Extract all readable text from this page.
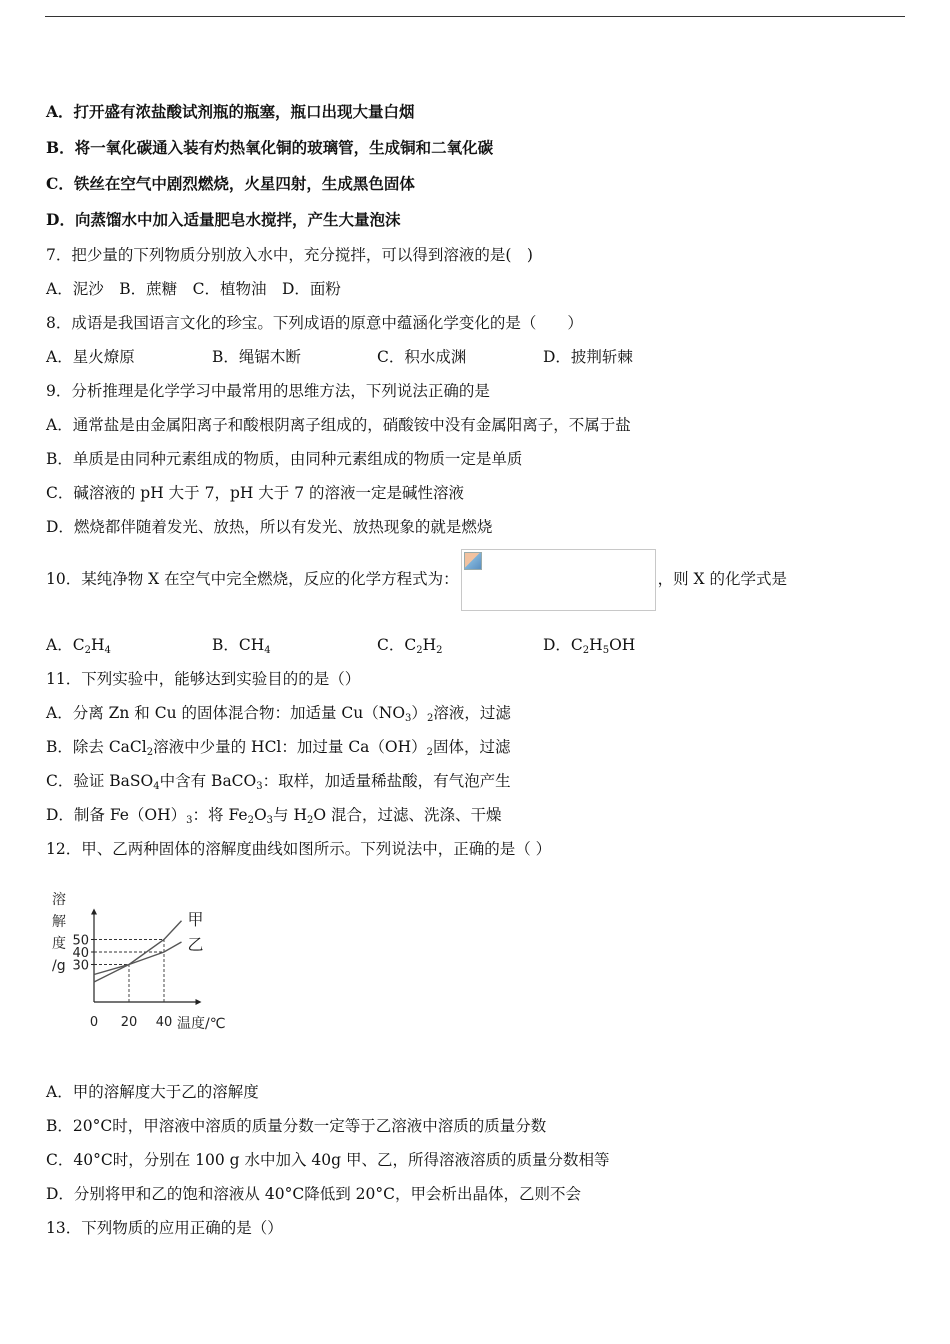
A．打开盛有浓盐酸试剂瓶的瓶塞，瓶口出现大量白烟
B．将一氧化碳通入装有灼热氧化铜的玻璃管，生成铜和二氧化碳
C．铁丝在空气中剧烈燃烧，火星四射，生成黑色固体
D．向蒸馏水中加入适量肥皂水搅拌，产生大量泡沫
7．把少量的下列物质分别放入水中，充分搅拌，可以得到溶液的是(　)
A．泥沙　B．蔗糖　C．植物油　D．面粉
8．成语是我国语言文化的珍宝。下列成语的原意中蕴涵化学变化的是（　　）
A．星火燎原	B．绳锯木断	C．积水成渊	D．披荆斩棘
9．分析推理是化学学习中最常用的思维方法，下列说法正确的是
A．通常盐是由金属阳离子和酸根阴离子组成的，硝酸铵中没有金属阳离子，不属于盐
B．单质是由同种元素组成的物质，由同种元素组成的物质一定是单质
C．碱溶液的 pH 大于 7，pH 大于 7 的溶液一定是碱性溶液
D．燃烧都伴随着发光、放热，所以有发光、放热现象的就是燃烧
10．某纯净物 X 在空气中完全燃烧，反应的化学方程式为：	，则 X 的化学式是
A．$C_2H_4$	B．$CH_4$	C．$C_2H_2$	D．$C_2H_5OH$
11．下列实验中，能够达到实验目的的是（）
A．分离 Zn 和 Cu 的固体混合物：加适量 $Cu(NO_3)_2$溶液，过滤
B．除去 CaCl$_2$溶液中少量的 HCl：加过量 $Ca(OH)_2$固体，过滤
C．验证 BaSO$_4$中含有 BaCO$_3$：取样，加适量稀盐酸，有气泡产生
D．制备 $Fe(OH)_3$：将 $Fe_2O_3$与 $H_2O$ 混合，过滤、洗涤、干燥
12．甲、乙两种固体的溶解度曲线如图所示。下列说法中，正确的是（ ）
30
40
50
0 20 40 温度/℃
溶
解
度
/g
甲
乙
A．甲的溶解度大于乙的溶解度
B．20°C时，甲溶液中溶质的质量分数一定等于乙溶液中溶质的质量分数
C．40°C时，分别在 100 g 水中加入 40g 甲、乙，所得溶液溶质的质量分数相等
D．分别将甲和乙的饱和溶液从 40°C降低到 20°C，甲会析出晶体，乙则不会
13．下列物质的应用正确的是（）
